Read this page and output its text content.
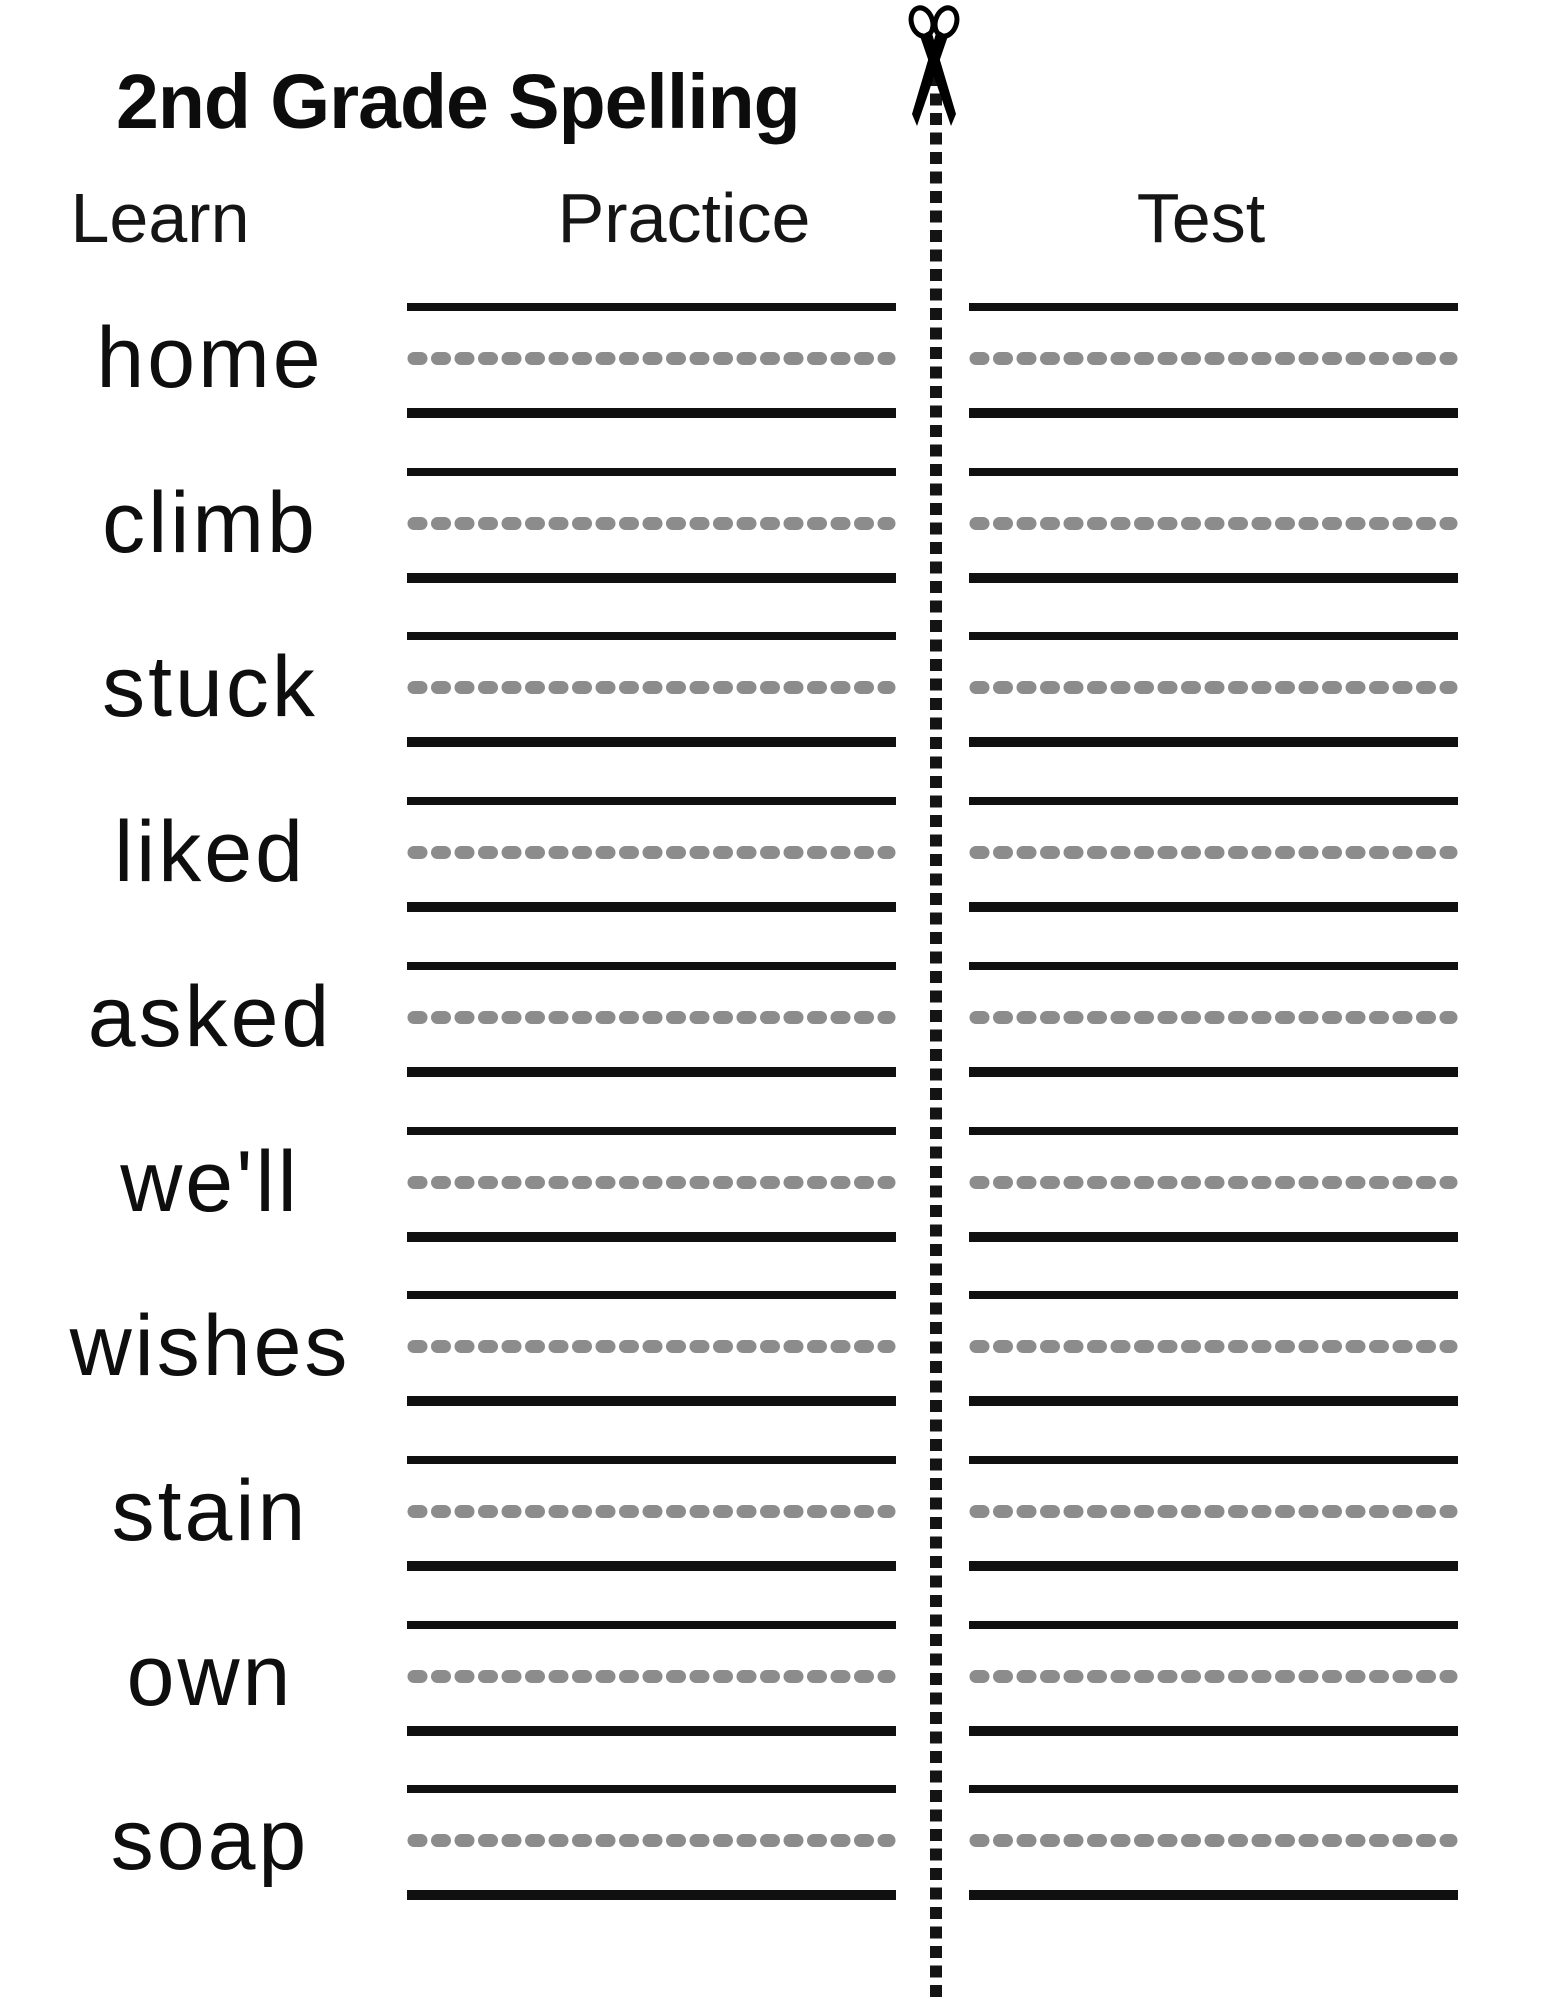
2nd Grade Spelling
Learn	Practice	Test
home
climb
stuck
liked
asked
we'll
wishes
stain
own
soap
